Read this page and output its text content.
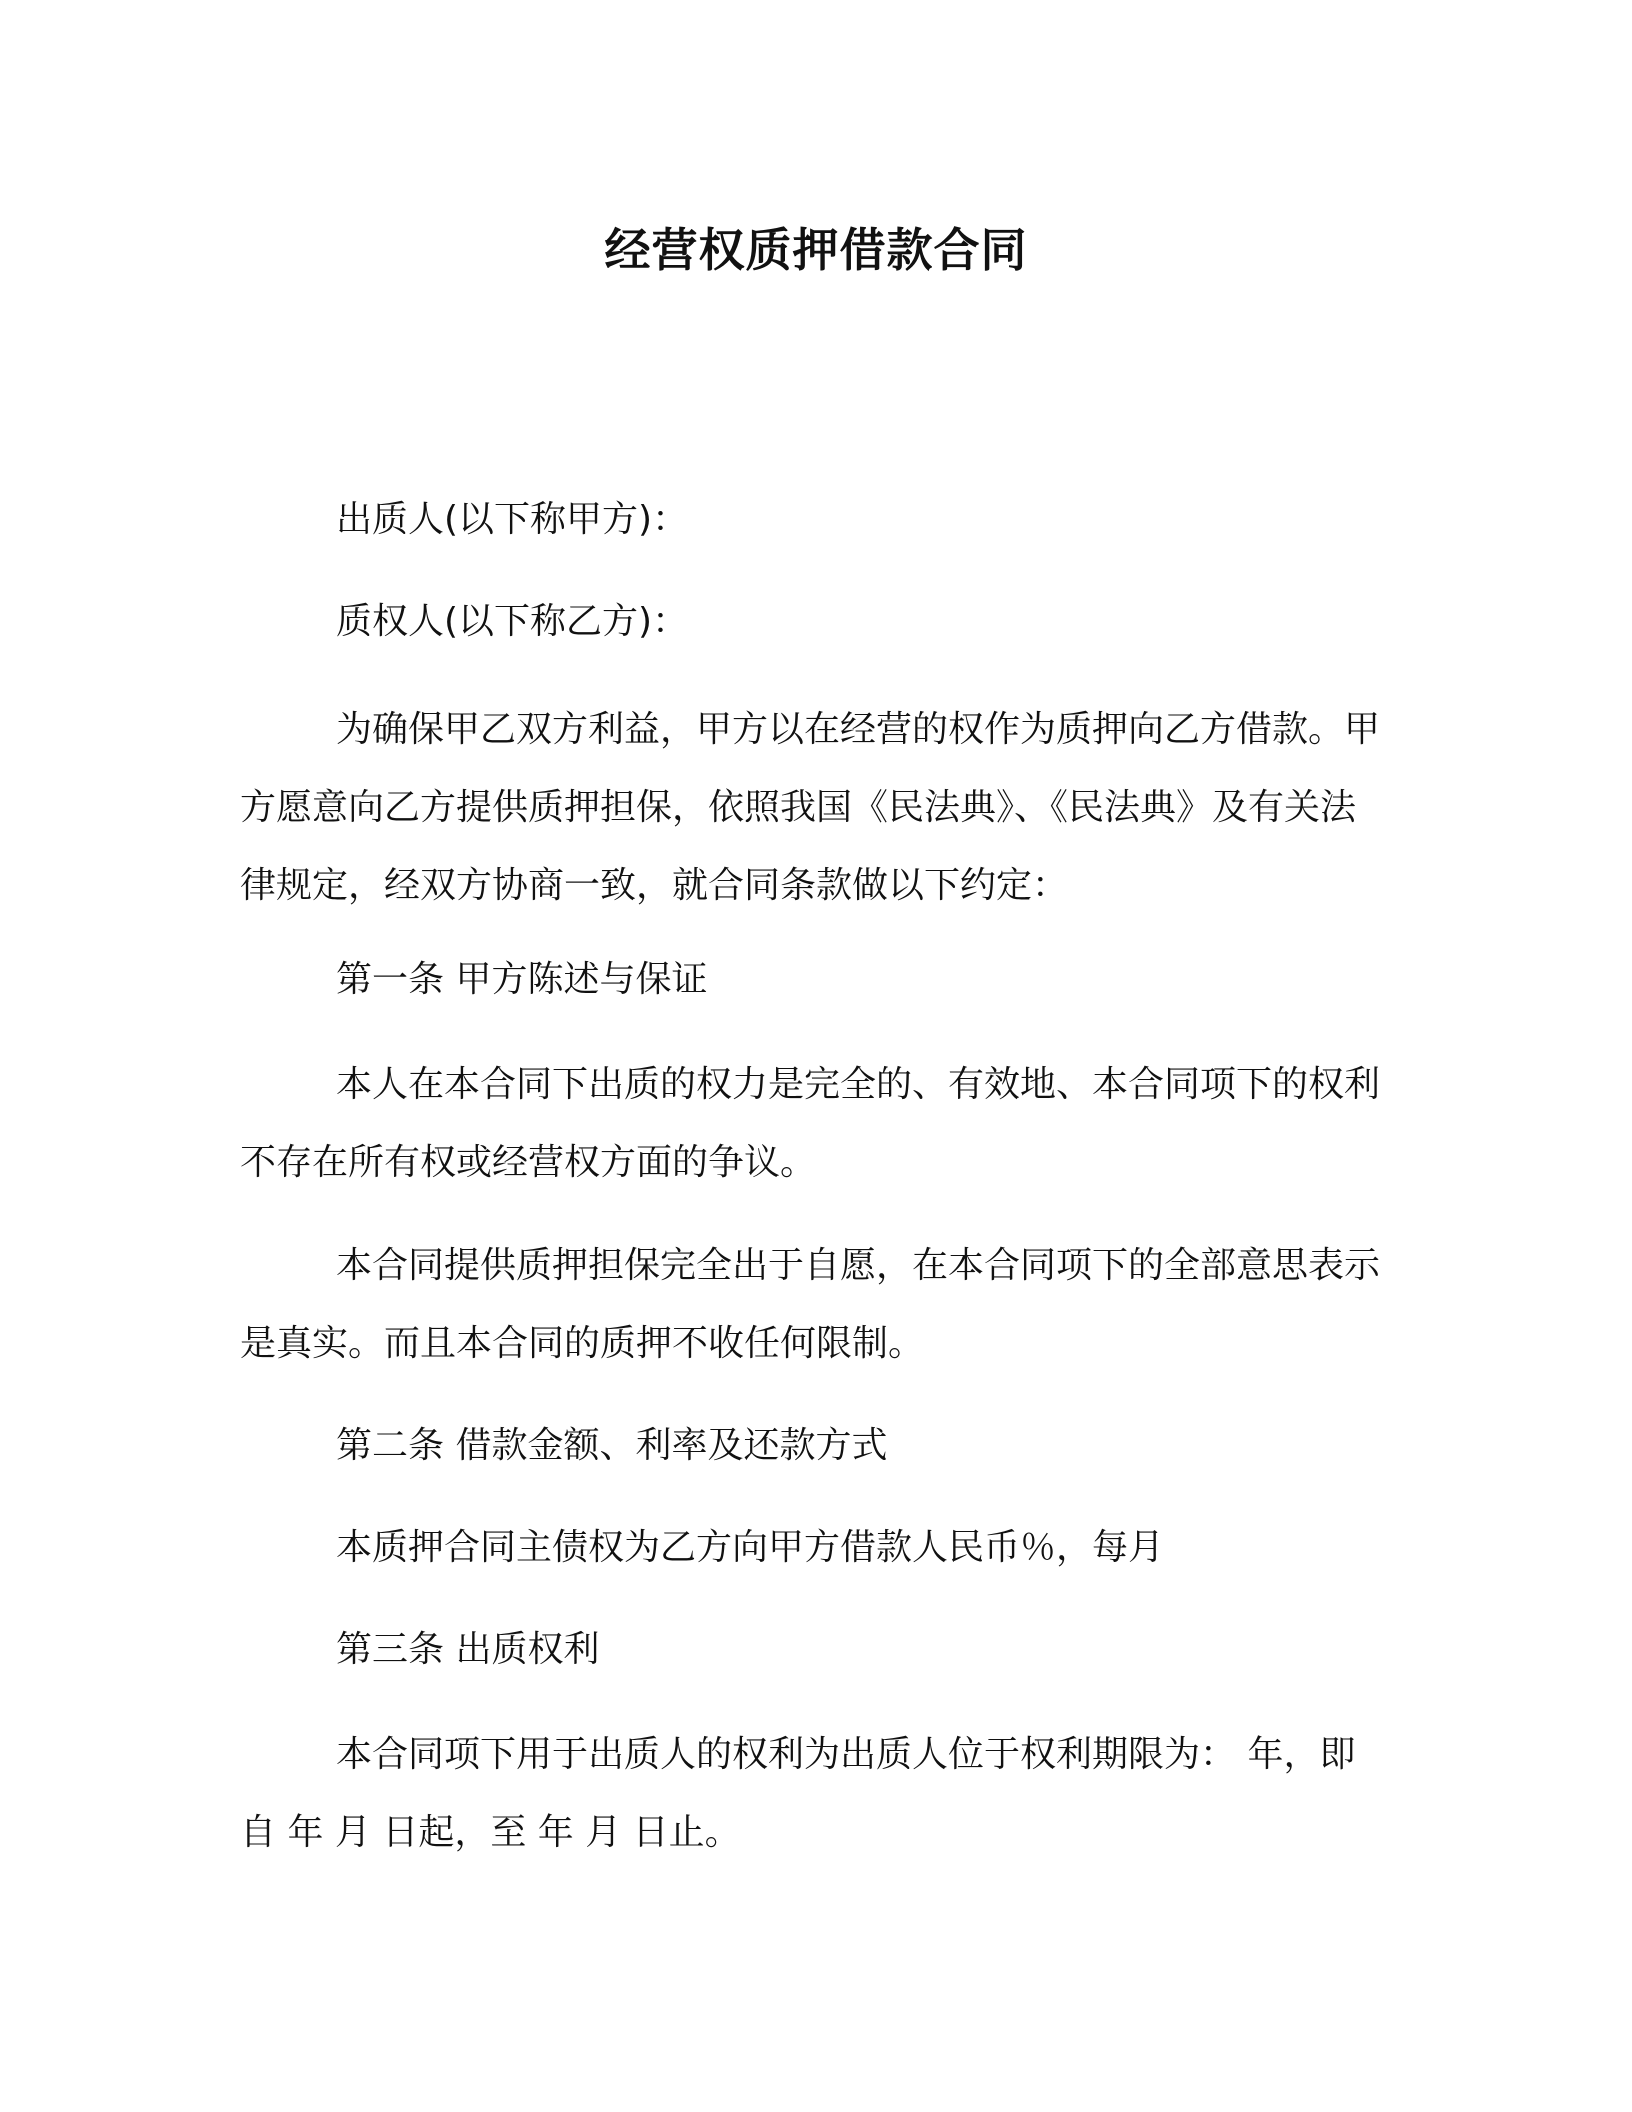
经营权质押借款合同
出质人(以下称甲方)：
质权人(以下称乙方)：
为确保甲乙双方利益，甲方以在经营的权作为质押向乙方借款。甲方愿意向乙方提供质押担保，依照我国《民法典》、《民法典》及有关法律规定，经双方协商一致，就合同条款做以下约定：
第一条 甲方陈述与保证
本人在本合同下出质的权力是完全的、有效地、本合同项下的权利不存在所有权或经营权方面的争议。
本合同提供质押担保完全出于自愿，在本合同项下的全部意思表示是真实。而且本合同的质押不收任何限制。
第二条 借款金额、利率及还款方式
本质押合同主债权为乙方向甲方借款人民币％，每月
第三条 出质权利
本合同项下用于出质人的权利为出质人位于权利期限为： 年，即自 年 月 日起，至 年 月 日止。
